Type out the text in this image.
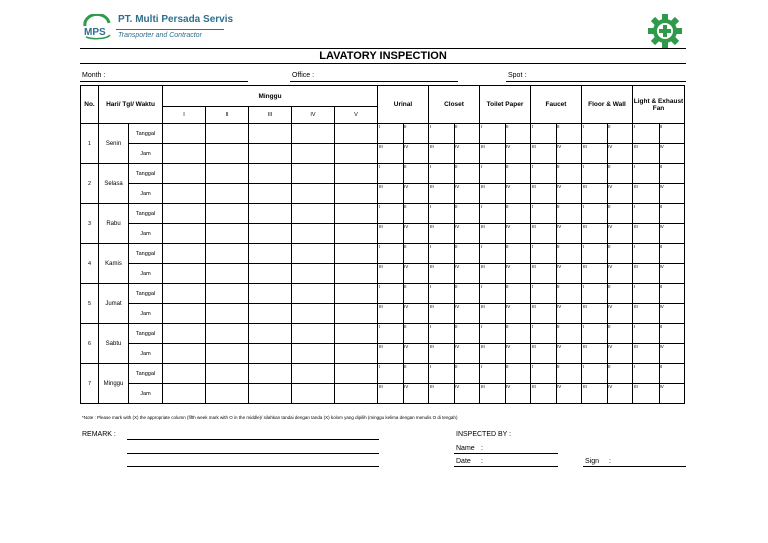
MPS
PT. Multi Persada Servis
Transporter and Contractor
LAVATORY INSPECTION
Month :	Office :	Spot :
No.	Hari/ Tgl/ Waktu		Minggu					Urinal	Closet	Toilet Paper	Faucet	Floor & Wall	Light & Exhaust Fan
			I	II	III	IV	V						
1	Senin	Tanggal						I II	I II	I II	I II	I II	I II

		Jam						III IV	III IV	III IV	III IV	III IV	III IV

2	Selasa	Tanggal						I II	I II	I II	I II	I II	I II

		Jam						III IV	III IV	III IV	III IV	III IV	III IV

3	Rabu	Tanggal						I II	I II	I II	I II	I II	I II

		Jam						III IV	III IV	III IV	III IV	III IV	III IV

4	Kamis	Tanggal						I II	I II	I II	I II	I II	I II

		Jam						III IV	III IV	III IV	III IV	III IV	III IV

5	Jumat	Tanggal						I II	I II	I II	I II	I II	I II

		Jam						III IV	III IV	III IV	III IV	III IV	III IV

6	Sabtu	Tanggal						I II	I II	I II	I II	I II	I II

		Jam						III IV	III IV	III IV	III IV	III IV	III IV

7	Minggu	Tanggal						I II	I II	I II	I II	I II	I II

		Jam						III IV	III IV	III IV	III IV	III IV	III IV
*Note : Please mark with (X) the appropriate column (fifth week mark with O in the middle)/ silahkan tandai dengan tanda (X) kolom yang dipilih (minggu kelima dengan menulis O di tengah)
REMARK :	INSPECTED BY :
Name :
Date :	Sign :
